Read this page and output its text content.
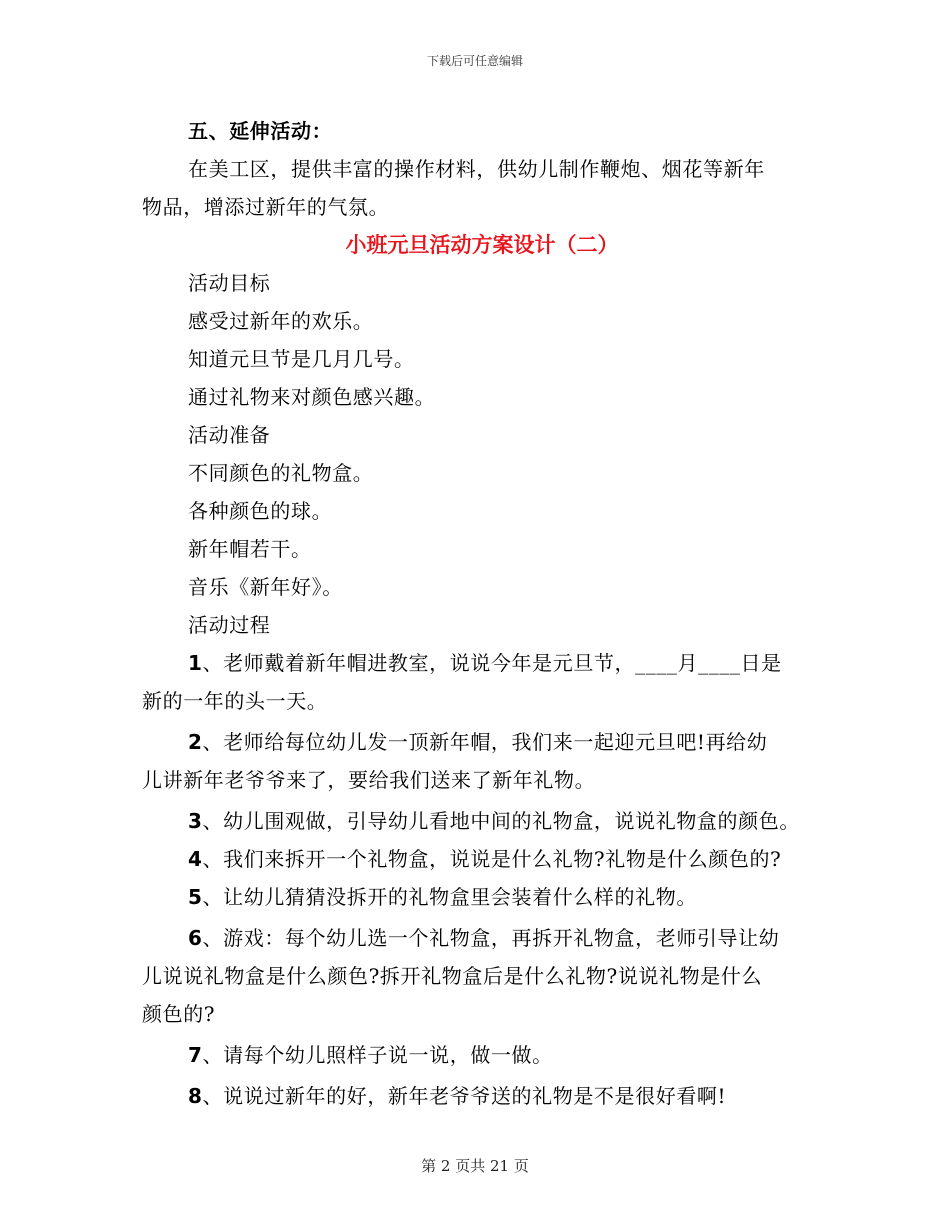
下载后可任意编辑
五、延伸活动：
在美工区，提供丰富的操作材料，供幼儿制作鞭炮、烟花等新年
物品，增添过新年的气氛。
小班元旦活动方案设计（二）
活动目标
感受过新年的欢乐。
知道元旦节是几月几号。
通过礼物来对颜色感兴趣。
活动准备
不同颜色的礼物盒。
各种颜色的球。
新年帽若干。
音乐《新年好》。
活动过程
1、老师戴着新年帽进教室，说说今年是元旦节，____月____日是
新的一年的头一天。
2、老师给每位幼儿发一顶新年帽，我们来一起迎元旦吧!再给幼
儿讲新年老爷爷来了，要给我们送来了新年礼物。
3、幼儿围观做，引导幼儿看地中间的礼物盒，说说礼物盒的颜色。
4、我们来拆开一个礼物盒，说说是什么礼物?礼物是什么颜色的?
5、让幼儿猜猜没拆开的礼物盒里会装着什么样的礼物。
6、游戏：每个幼儿选一个礼物盒，再拆开礼物盒，老师引导让幼
儿说说礼物盒是什么颜色?拆开礼物盒后是什么礼物?说说礼物是什么
颜色的?
7、请每个幼儿照样子说一说，做一做。
8、说说过新年的好，新年老爷爷送的礼物是不是很好看啊!
第 2 页共 21 页
